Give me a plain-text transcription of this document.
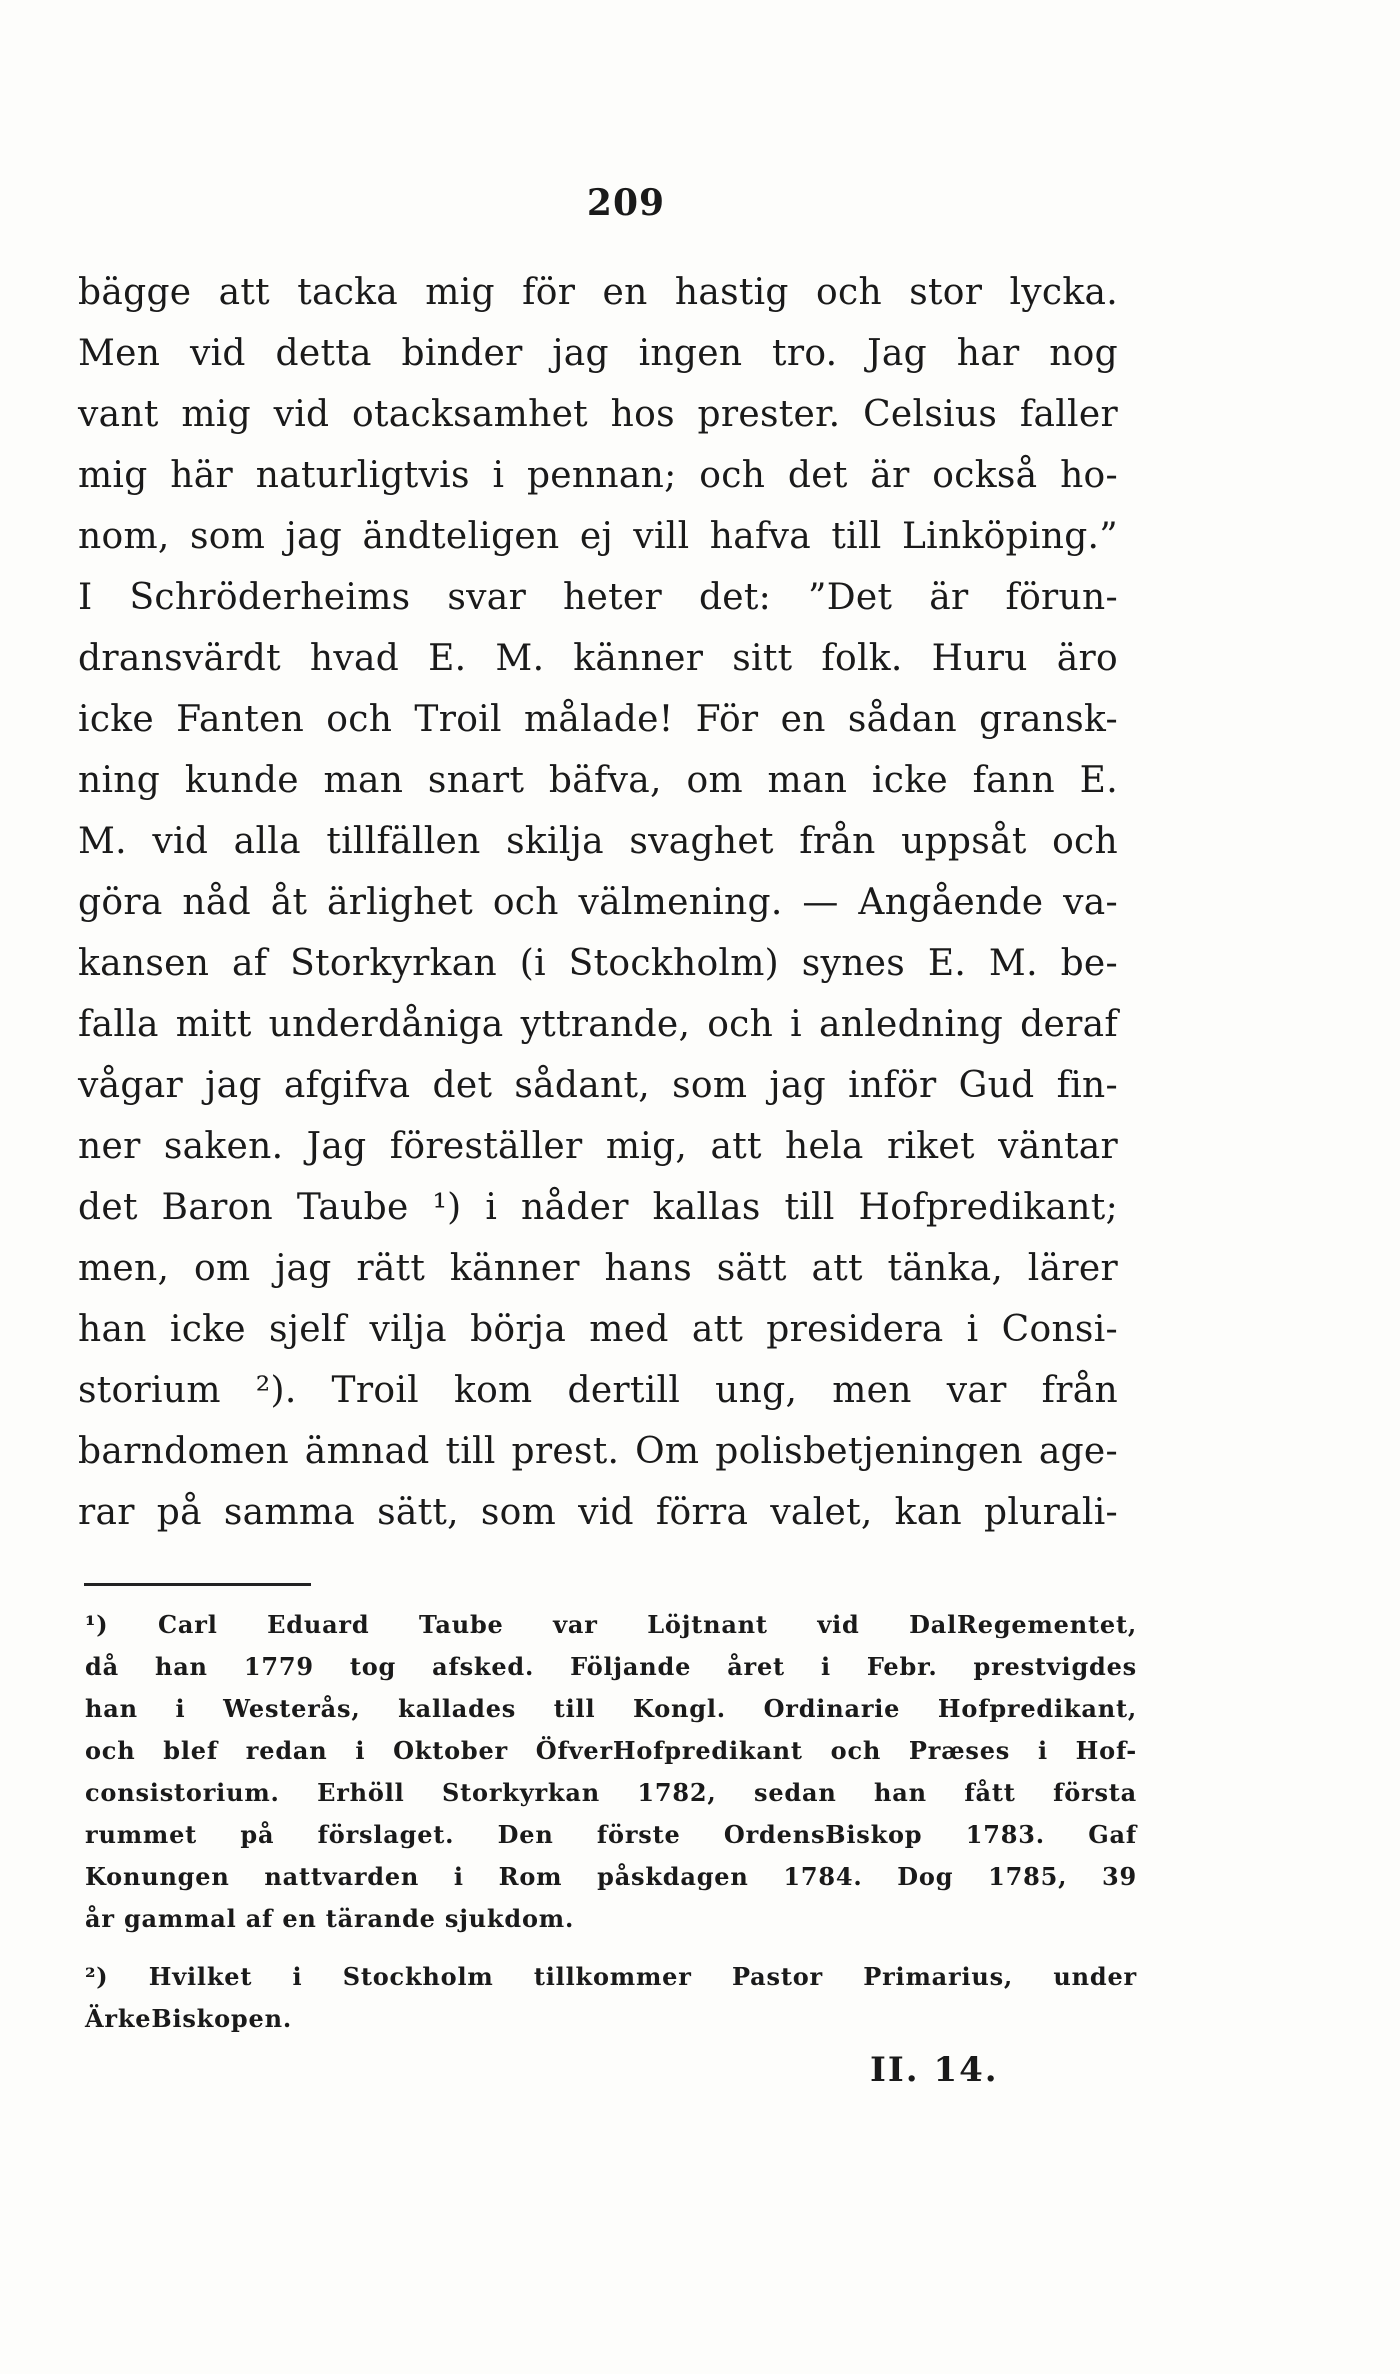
209
bägge att tacka mig för en hastig och stor lycka.
Men vid detta binder jag ingen tro. Jag har nog
vant mig vid otacksamhet hos prester. Celsius faller
mig här naturligtvis i pennan; och det är också ho-
nom, som jag ändteligen ej vill hafva till Linköping.”
I Schröderheims svar heter det: ”Det är förun-
dransvärdt hvad E. M. känner sitt folk. Huru äro
icke Fanten och Troil målade! För en sådan gransk-
ning kunde man snart bäfva, om man icke fann E.
M. vid alla tillfällen skilja svaghet från uppsåt och
göra nåd åt ärlighet och välmening. — Angående va-
kansen af Storkyrkan (i Stockholm) synes E. M. be-
falla mitt underdåniga yttrande, och i anledning deraf
vågar jag afgifva det sådant, som jag inför Gud fin-
ner saken. Jag föreställer mig, att hela riket väntar
det Baron Taube ¹) i nåder kallas till Hofpredikant;
men, om jag rätt känner hans sätt att tänka, lärer
han icke sjelf vilja börja med att presidera i Consi-
storium ²). Troil kom dertill ung, men var från
barndomen ämnad till prest. Om polisbetjeningen age-
rar på samma sätt, som vid förra valet, kan plurali-
¹) Carl Eduard Taube var Löjtnant vid DalRegementet,
då han 1779 tog afsked. Följande året i Febr. prestvigdes
han i Westerås, kallades till Kongl. Ordinarie Hofpredikant,
och blef redan i Oktober ÖfverHofpredikant och Præses i Hof-
consistorium. Erhöll Storkyrkan 1782, sedan han fått första
rummet på förslaget. Den förste OrdensBiskop 1783. Gaf
Konungen nattvarden i Rom påskdagen 1784. Dog 1785, 39
år gammal af en tärande sjukdom.
²) Hvilket i Stockholm tillkommer Pastor Primarius, under
ÄrkeBiskopen.
II. 14.
